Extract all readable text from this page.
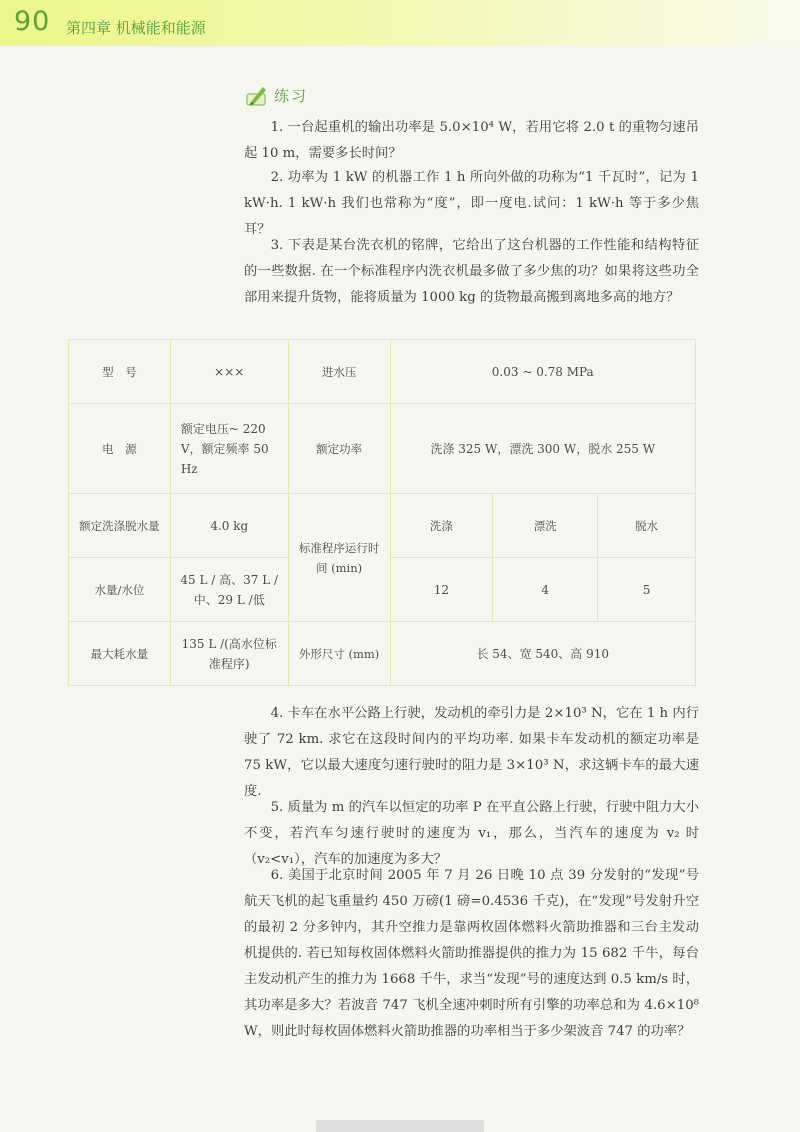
90 第四章 机械能和能源
练习

1. 一台起重机的输出功率是 5.0×10⁴ W，若用它将 2.0 t 的重物匀速吊起 10 m，需要多长时间？

2. 功率为 1 kW 的机器工作 1 h 所向外做的功称为“1 千瓦时”，记为 1 kW·h. 1 kW·h 我们也常称为“度”，即一度电.试问：1 kW·h 等于多少焦耳？

3. 下表是某台洗衣机的铭牌，它给出了这台机器的工作性能和结构特征的一些数据. 在一个标准程序内洗衣机最多做了多少焦的功？如果将这些功全部用来提升货物，能将质量为 1000 kg 的货物最高搬到离地多高的地方？

型　号	×××	进水压	0.03 ~ 0.78 MPa		
电　源	额定电压~ 220 V，额定频率 50 Hz	额定功率	洗涤 325 W，漂洗 300 W，脱水 255 W		
额定洗涤脱水量	4.0 kg	标准程序运行时间 (min)	洗涤	漂洗	脱水
水量/水位	45 L / 高、37 L / 中、29 L /低		12	4	5
最大耗水量	135 L /(高水位标准程序)	外形尺寸 (mm)	长 54、宽 540、高 910		

4. 卡车在水平公路上行驶，发动机的牵引力是 2×10³ N，它在 1 h 内行驶了 72 km. 求它在这段时间内的平均功率. 如果卡车发动机的额定功率是 75 kW，它以最大速度匀速行驶时的阻力是 3×10³ N，求这辆卡车的最大速度.

5. 质量为 m 的汽车以恒定的功率 P 在平直公路上行驶，行驶中阻力大小不变，若汽车匀速行驶时的速度为 v₁，那么，当汽车的速度为 v₂ 时（v₂<v₁），汽车的加速度为多大？

6. 美国于北京时间 2005 年 7 月 26 日晚 10 点 39 分发射的“发现”号航天飞机的起飞重量约 450 万磅(1 磅=0.4536 千克)，在“发现”号发射升空的最初 2 分多钟内，其升空推力是靠两枚固体燃料火箭助推器和三台主发动机提供的. 若已知每枚固体燃料火箭助推器提供的推力为 15 682 千牛，每台主发动机产生的推力为 1668 千牛，求当“发现”号的速度达到 0.5 km/s 时，其功率是多大？若波音 747 飞机全速冲刺时所有引擎的功率总和为 4.6×10⁸ W，则此时每枚固体燃料火箭助推器的功率相当于多少架波音 747 的功率？
